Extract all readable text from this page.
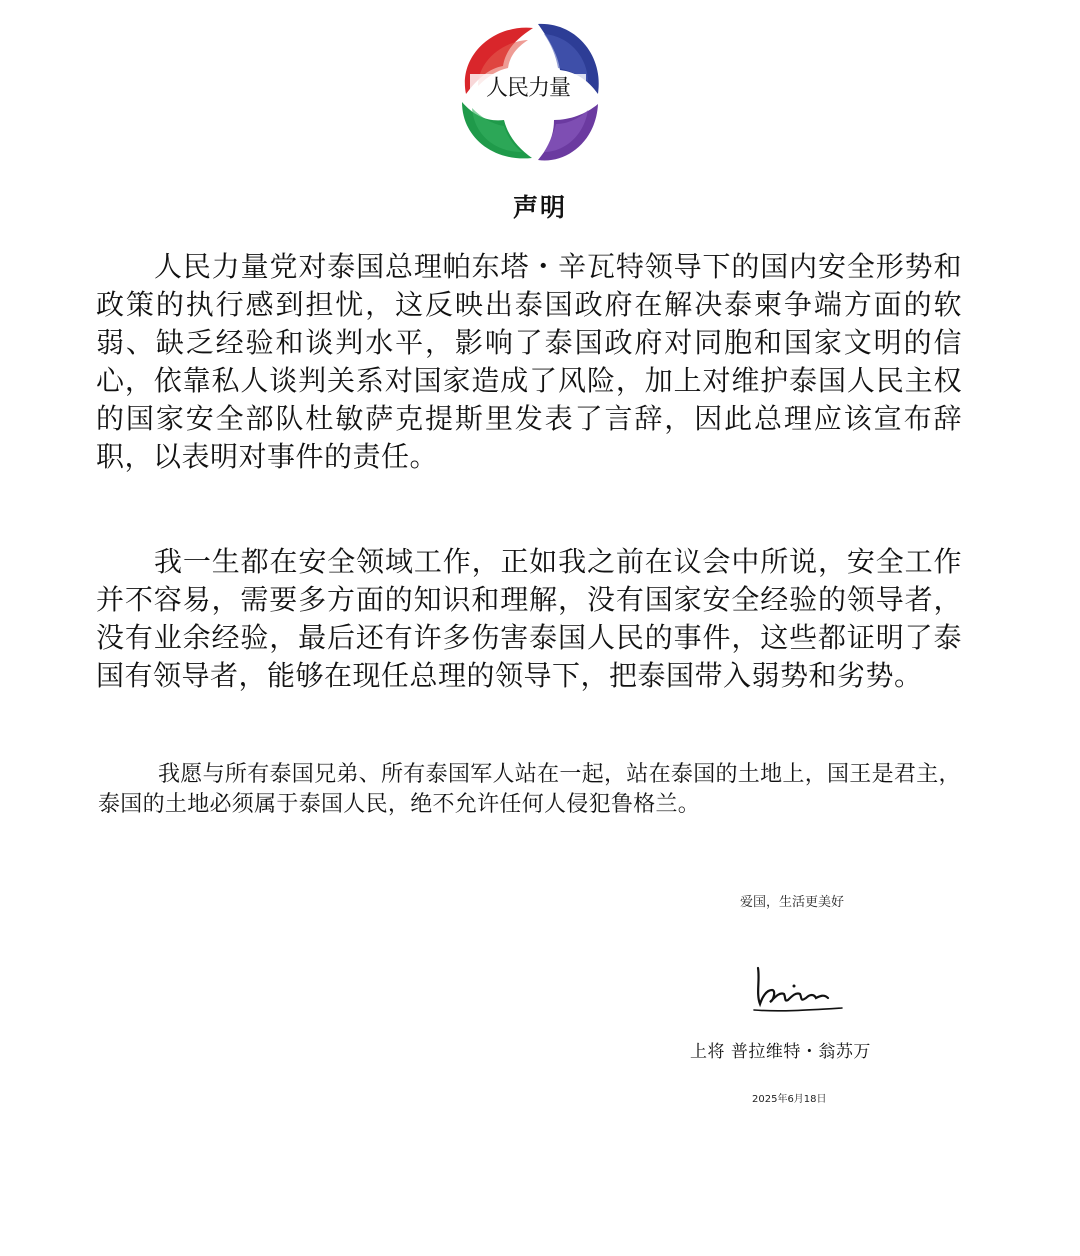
人民力量
声明

人民力量党对泰国总理帕东塔・辛瓦特领导下的国内安全形势和政策的执行感到担忧，这反映出泰国政府在解决泰柬争端方面的软弱、缺乏经验和谈判水平，影响了泰国政府对同胞和国家文明的信心，依靠私人谈判关系对国家造成了风险，加上对维护泰国人民主权的国家安全部队杜敏萨克提斯里发表了言辞，因此总理应该宣布辞职，以表明对事件的责任。

我一生都在安全领域工作，正如我之前在议会中所说，安全工作并不容易，需要多方面的知识和理解，没有国家安全经验的领导者，没有业余经验，最后还有许多伤害泰国人民的事件，这些都证明了泰国有领导者，能够在现任总理的领导下，把泰国带入弱势和劣势。

我愿与所有泰国兄弟、所有泰国军人站在一起，站在泰国的土地上，国王是君主，泰国的土地必须属于泰国人民，绝不允许任何人侵犯鲁格兰。

爱国，生活更美好
上将 普拉维特・翁苏万
2025年6月18日
